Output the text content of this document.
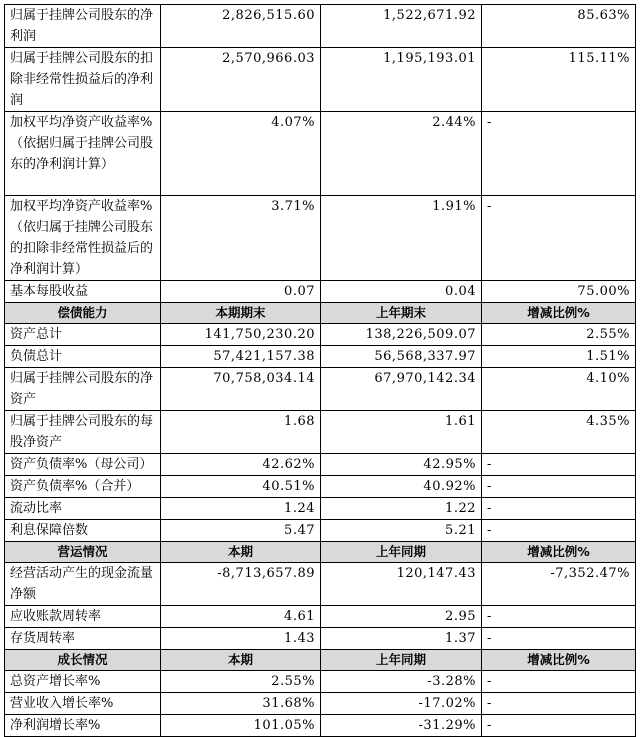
归属于挂牌公司股东的净利润	2,826,515.60	1,522,671.92	85.63%
归属于挂牌公司股东的扣除非经常性损益后的净利润	2,570,966.03	1,195,193.01	115.11%
加权平均净资产收益率%（依据归属于挂牌公司股东的净利润计算）	4.07%	2.44%	-
加权平均净资产收益率%（依归属于挂牌公司股东的扣除非经常性损益后的净利润计算）	3.71%	1.91%	-
基本每股收益	0.07	0.04	75.00%
偿债能力	本期期末	上年期末	增减比例%
资产总计	141,750,230.20	138,226,509.07	2.55%
负债总计	57,421,157.38	56,568,337.97	1.51%
归属于挂牌公司股东的净资产	70,758,034.14	67,970,142.34	4.10%
归属于挂牌公司股东的每股净资产	1.68	1.61	4.35%
资产负债率%（母公司）	42.62%	42.95%	-
资产负债率%（合并）	40.51%	40.92%	-
流动比率	1.24	1.22	-
利息保障倍数	5.47	5.21	-
营运情况	本期	上年同期	增减比例%
经营活动产生的现金流量净额	-8,713,657.89	120,147.43	-7,352.47%
应收账款周转率	4.61	2.95	-
存货周转率	1.43	1.37	-
成长情况	本期	上年同期	增减比例%
总资产增长率%	2.55%	-3.28%	-
营业收入增长率%	31.68%	-17.02%	-
净利润增长率%	101.05%	-31.29%	-
